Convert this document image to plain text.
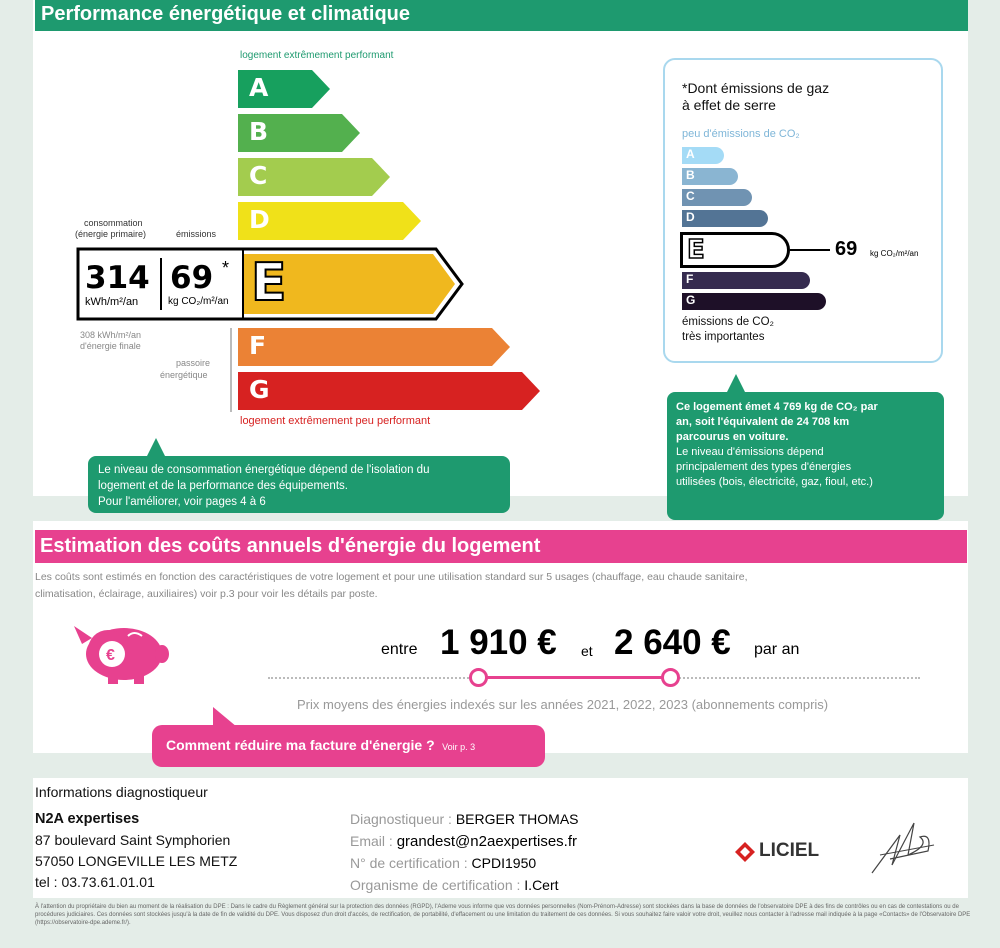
Performance énergétique et climatique
logement extrêmement performant
A
B
C
D
314
kWh/m²/an
69 *
kg CO₂/m²/an E
consommation
(énergie primaire)	émissions
308 kWh/m²/an
d'énergie finale
passoire
énergétique
F
G
logement extrêmement peu performant
Le niveau de consommation énergétique dépend de l'isolation du
logement et de la performance des équipements.
Pour l'améliorer, voir pages 4 à 6
*Dont émissions de gaz
à effet de serre
peu d'émissions de CO₂
A
B
C
D
E	69 kg CO₂/m²/an
F
G
émissions de CO₂
très importantes
Ce logement émet 4 769 kg de CO₂ par
an, soit l'équivalent de 24 708 km
parcourus en voiture.
Le niveau d'émissions dépend
principalement des types d'énergies
utilisées (bois, électricité, gaz, fioul, etc.)
Estimation des coûts annuels d'énergie du logement
Les coûts sont estimés en fonction des caractéristiques de votre logement et pour une utilisation standard sur 5 usages (chauffage, eau chaude sanitaire,
climatisation, éclairage, auxiliaires) voir p.3 pour voir les détails par poste.
€	entre 1 910 € et 2 640 € par an
Prix moyens des énergies indexés sur les années 2021, 2022, 2023 (abonnements compris)
Comment réduire ma facture d'énergie ? Voir p. 3
Informations diagnostiqueur
N2A expertises
87 boulevard Saint Symphorien
57050 LONGEVILLE LES METZ
tel : 03.73.61.01.01
Diagnostiqueur : BERGER THOMAS
Email : grandest@n2aexpertises.fr
N° de certification : CPDI1950
Organisme de certification : I.Cert
LICIEL
À l'attention du propriétaire du bien au moment de la réalisation du DPE : Dans le cadre du Règlement général sur la protection des données (RGPD), l'Ademe vous informe que vos données personnelles (Nom-Prénom-Adresse) sont stockées dans la base de données de l'observatoire DPE à des fins de contrôles ou en cas de contestations ou de procédures judiciaires. Ces données sont stockées jusqu'à la date de fin de validité du DPE. Vous disposez d'un droit d'accès, de rectification, de portabilité, d'effacement ou une limitation du traitement de ces données. Si vous souhaitez faire valoir votre droit, veuillez nous contacter à l'adresse mail indiquée à la page «Contacts» de l'Observatoire DPE (https://observatoire-dpe.ademe.fr/).
